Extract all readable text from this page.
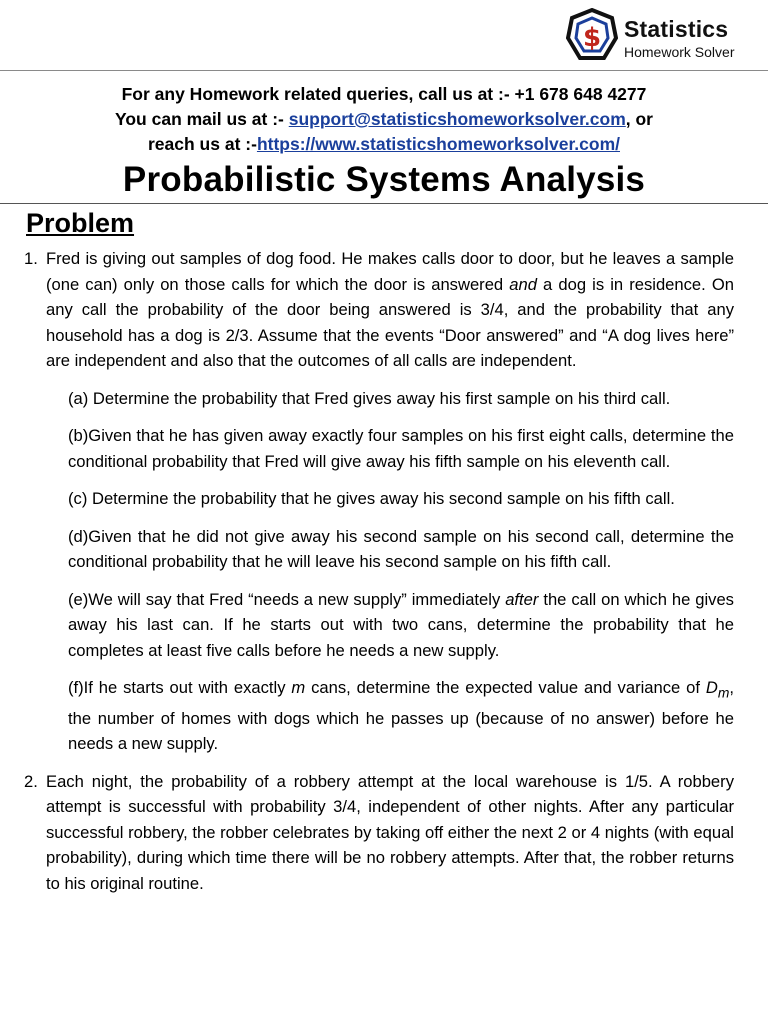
$ Statistics
Homework Solver
For any Homework related queries, call us at :- +1 678 648 4277
You can mail us at :- support@statisticshomeworksolver.com, or
reach us at :-https://www.statisticshomeworksolver.com/
Probabilistic Systems Analysis
Problem
1. Fred is giving out samples of dog food. He makes calls door to door, but he leaves a sample (one can) only on those calls for which the door is answered and a dog is in residence. On any call the probability of the door being answered is 3/4, and the probability that any household has a dog is 2/3. Assume that the events “Door answered” and “A dog lives here” are independent and also that the outcomes of all calls are independent.

(a) Determine the probability that Fred gives away his first sample on his third call.

(b)Given that he has given away exactly four samples on his first eight calls, determine the conditional probability that Fred will give away his fifth sample on his eleventh call.

(c) Determine the probability that he gives away his second sample on his fifth call.

(d)Given that he did not give away his second sample on his second call, determine the conditional probability that he will leave his second sample on his fifth call.

(e)We will say that Fred “needs a new supply” immediately after the call on which he gives away his last can. If he starts out with two cans, determine the probability that he completes at least five calls before he needs a new supply.

(f)If he starts out with exactly m cans, determine the expected value and variance of $D_m$, the number of homes with dogs which he passes up (because of no answer) before he needs a new supply.

2. Each night, the probability of a robbery attempt at the local warehouse is 1/5. A robbery attempt is successful with probability 3/4, independent of other nights. After any particular successful robbery, the robber celebrates by taking off either the next 2 or 4 nights (with equal probability), during which time there will be no robbery attempts. After that, the robber returns to his original routine.
